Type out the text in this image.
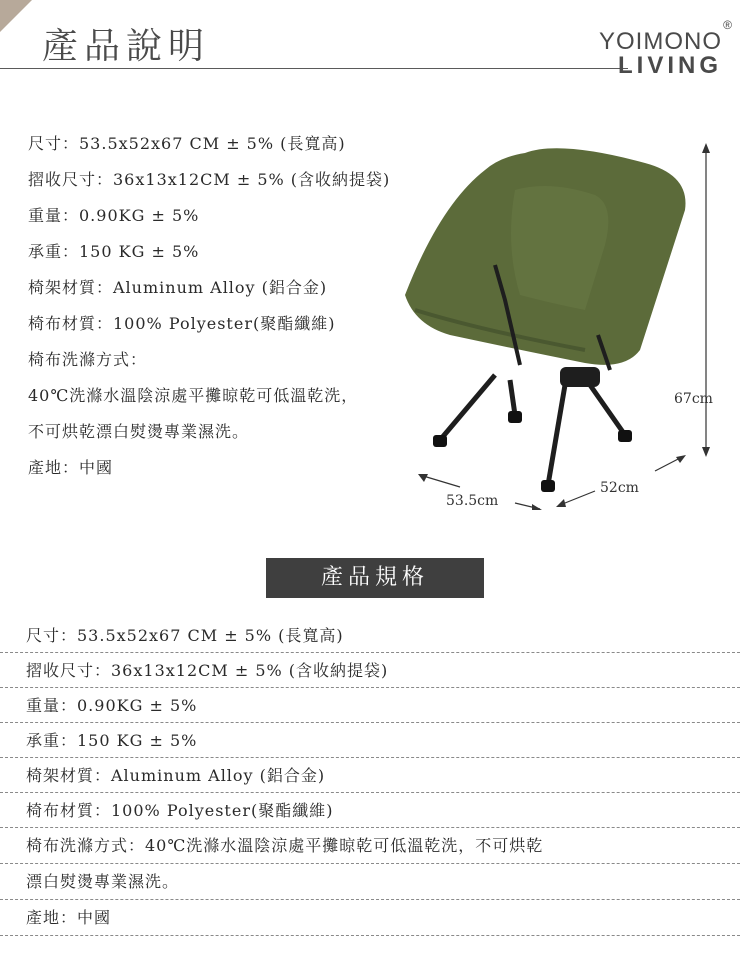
產品說明
®
YOIMONO
LIVING
尺寸：53.5x52x67 CM ± 5% (長寬高)
摺收尺寸：36x13x12CM ± 5% (含收納提袋)
重量：0.90KG ± 5%
承重：150 KG ± 5%
椅架材質：Aluminum Alloy (鋁合金)
椅布材質：100% Polyester(聚酯纖維)
椅布洗滌方式：
40℃洗滌水溫陰涼處平攤晾乾可低溫乾洗，
不可烘乾漂白熨燙專業濕洗。
產地：中國
67cm
53.5cm
52cm
產品規格
尺寸：53.5x52x67 CM ± 5% (長寬高)
摺收尺寸：36x13x12CM ± 5% (含收納提袋)
重量：0.90KG ± 5%
承重：150 KG ± 5%
椅架材質：Aluminum Alloy (鋁合金)
椅布材質：100% Polyester(聚酯纖維)
椅布洗滌方式：40℃洗滌水溫陰涼處平攤晾乾可低溫乾洗，不可烘乾
漂白熨燙專業濕洗。
產地：中國
